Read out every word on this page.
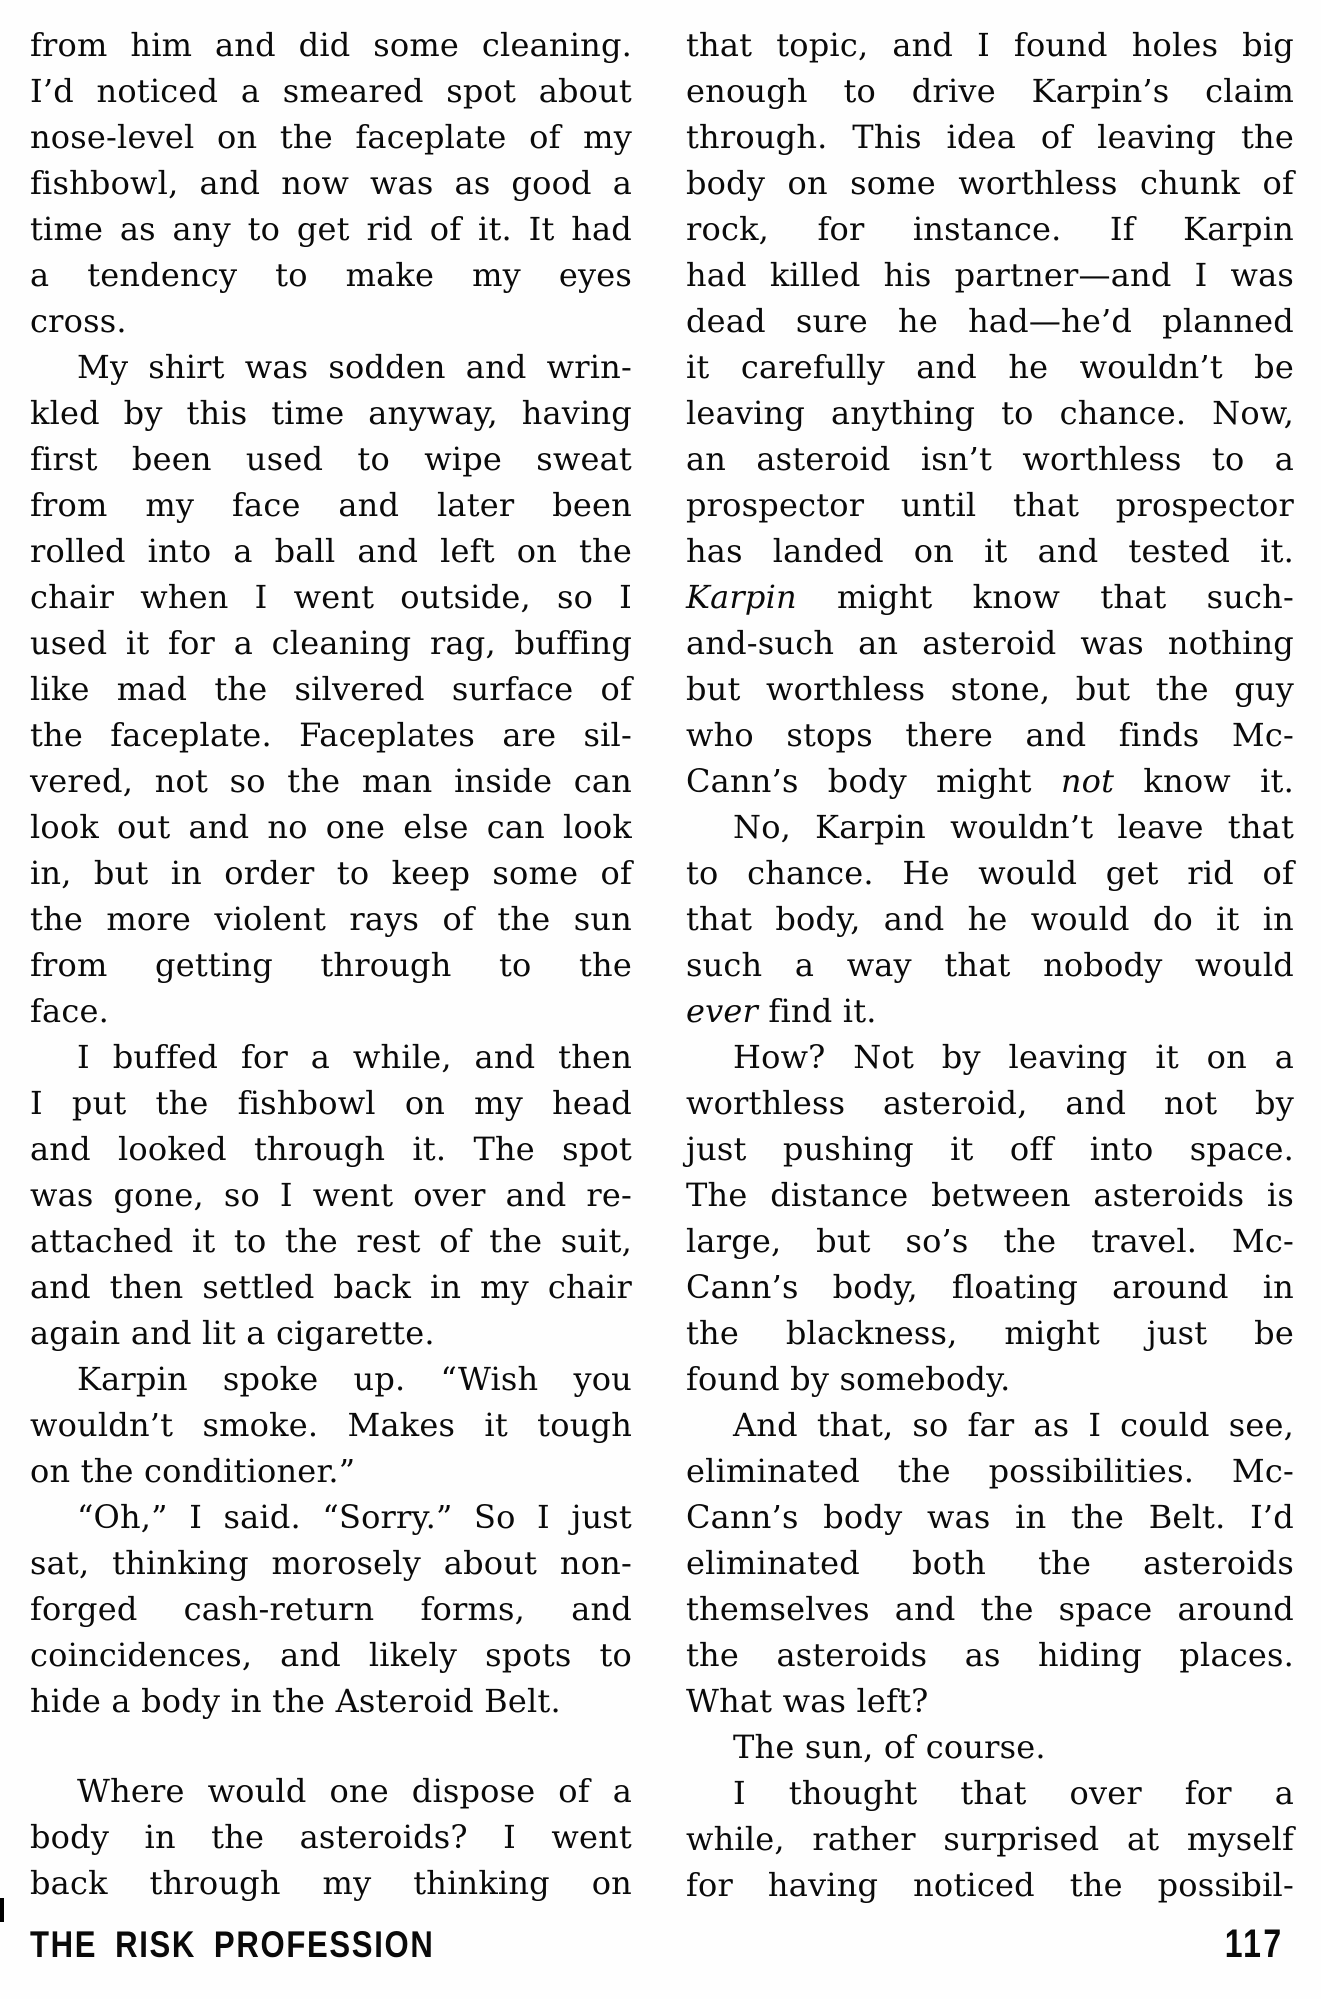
from him and did some cleaning.
I’d noticed a smeared spot about
nose-level on the faceplate of my
fishbowl, and now was as good a
time as any to get rid of it. It had
a tendency to make my eyes
cross.
My shirt was sodden and wrin-
kled by this time anyway, having
first been used to wipe sweat
from my face and later been
rolled into a ball and left on the
chair when I went outside, so I
used it for a cleaning rag, buffing
like mad the silvered surface of
the faceplate. Faceplates are sil-
vered, not so the man inside can
look out and no one else can look
in, but in order to keep some of
the more violent rays of the sun
from getting through to the
face.
I buffed for a while, and then
I put the fishbowl on my head
and looked through it. The spot
was gone, so I went over and re-
attached it to the rest of the suit,
and then settled back in my chair
again and lit a cigarette.
Karpin spoke up. “Wish you
wouldn’t smoke. Makes it tough
on the conditioner.”
“Oh,” I said. “Sorry.” So I just
sat, thinking morosely about non-
forged cash-return forms, and
coincidences, and likely spots to
hide a body in the Asteroid Belt.
Where would one dispose of a
body in the asteroids? I went
back through my thinking on
that topic, and I found holes big
enough to drive Karpin’s claim
through. This idea of leaving the
body on some worthless chunk of
rock, for instance. If Karpin
had killed his partner—and I was
dead sure he had—he’d planned
it carefully and he wouldn’t be
leaving anything to chance. Now,
an asteroid isn’t worthless to a
prospector until that prospector
has landed on it and tested it.
Karpin might know that such-
and-such an asteroid was nothing
but worthless stone, but the guy
who stops there and finds Mc-
Cann’s body might not know it.
No, Karpin wouldn’t leave that
to chance. He would get rid of
that body, and he would do it in
such a way that nobody would
ever find it.
How? Not by leaving it on a
worthless asteroid, and not by
just pushing it off into space.
The distance between asteroids is
large, but so’s the travel. Mc-
Cann’s body, floating around in
the blackness, might just be
found by somebody.
And that, so far as I could see,
eliminated the possibilities. Mc-
Cann’s body was in the Belt. I’d
eliminated both the asteroids
themselves and the space around
the asteroids as hiding places.
What was left?
The sun, of course.
I thought that over for a
while, rather surprised at myself
for having noticed the possibil-
THE RISK PROFESSION	117
